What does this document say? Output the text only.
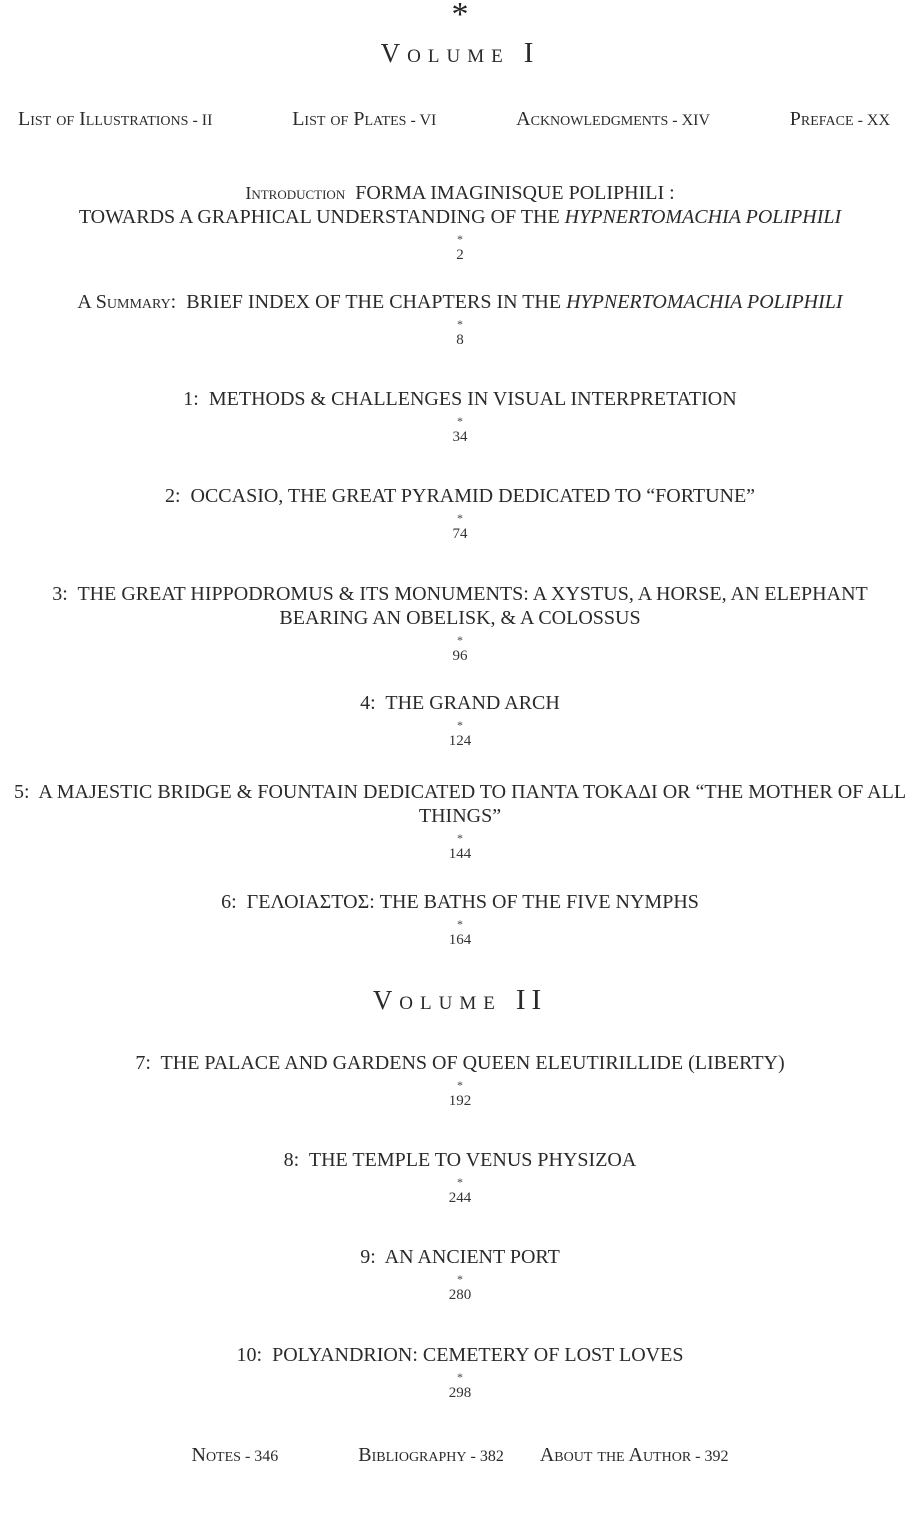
*
Volume I
List of Illustrations - II	List of Plates - VI	Acknowledgments - XIV	Preface - XX
Introduction FORMA IMAGINISQUE POLIPHILI :
TOWARDS A GRAPHICAL UNDERSTANDING OF THE HYPNERTOMACHIA POLIPHILI
*
2
A Summary: BRIEF INDEX OF THE CHAPTERS IN THE HYPNERTOMACHIA POLIPHILI
*
8
1: METHODS & CHALLENGES IN VISUAL INTERPRETATION
*
34
2: OCCASIO, THE GREAT PYRAMID DEDICATED TO “FORTUNE”
*
74
3: THE GREAT HIPPODROMUS & ITS MONUMENTS: A XYSTUS, A HORSE, AN ELEPHANT BEARING AN OBELISK, & A COLOSSUS
*
96
4: THE GRAND ARCH
*
124
5: A MAJESTIC BRIDGE & FOUNTAIN DEDICATED TO ΠΑΝΤΑ ΤΟΚΑΔΙ OR “THE MOTHER OF ALL THINGS”
*
144
6: ΓΕΛΟΙΑΣΤΟΣ: THE BATHS OF THE FIVE NYMPHS
*
164
Volume II
7: THE PALACE AND GARDENS OF QUEEN ELEUTIRILLIDE (LIBERTY)
*
192
8: THE TEMPLE TO VENUS PHYSIZOA
*
244
9: AN ANCIENT PORT
*
280
10: POLYANDRION: CEMETERY OF LOST LOVES
*
298
Notes - 346	Bibliography - 382 About the Author - 392
